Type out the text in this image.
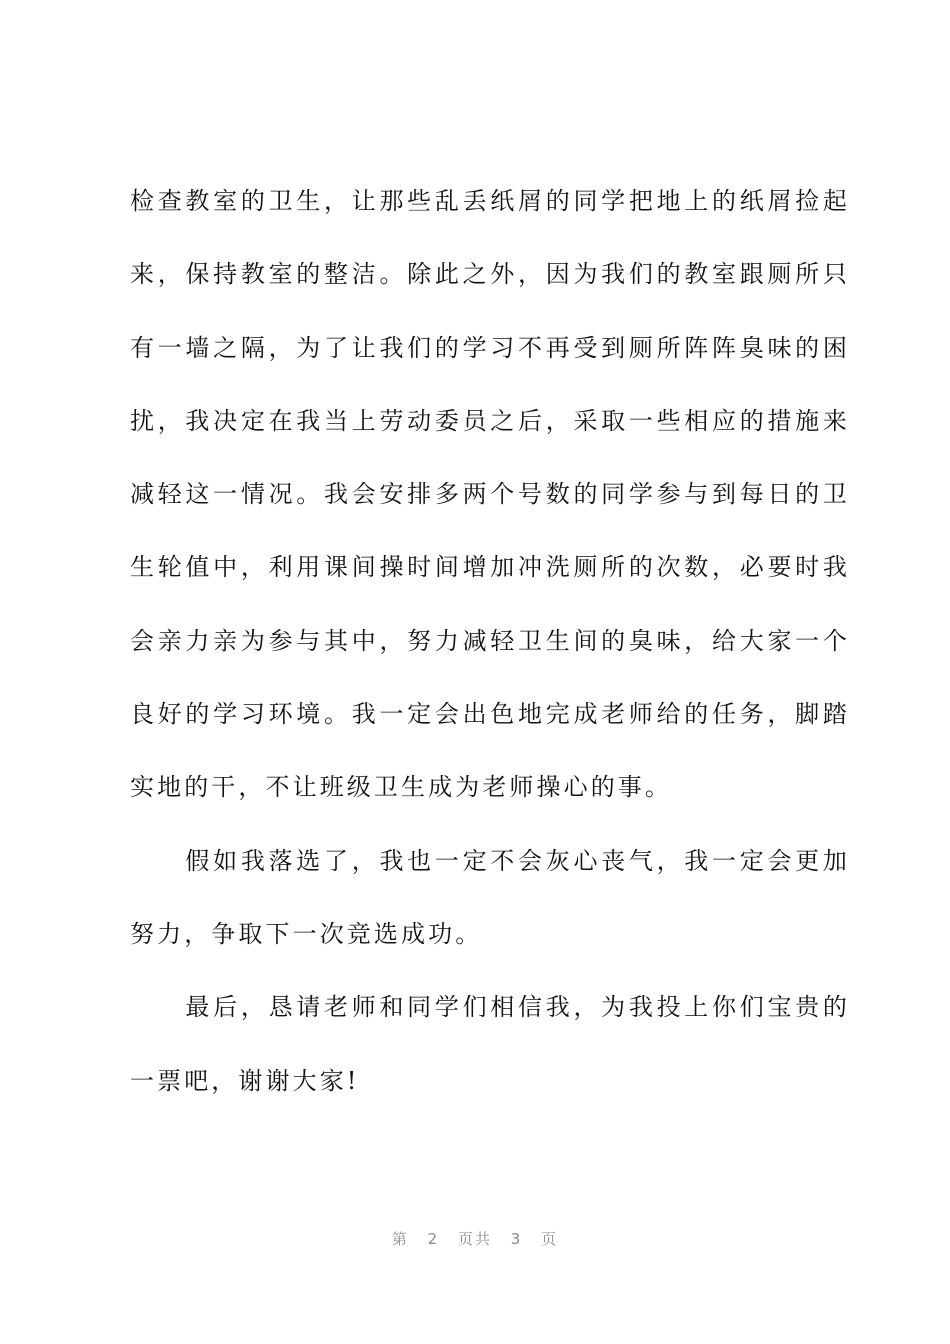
检查教室的卫生，让那些乱丢纸屑的同学把地上的纸屑捡起来，保持教室的整洁。除此之外，因为我们的教室跟厕所只有一墙之隔，为了让我们的学习不再受到厕所阵阵臭味的困扰，我决定在我当上劳动委员之后，采取一些相应的措施来减轻这一情况。我会安排多两个号数的同学参与到每日的卫生轮值中，利用课间操时间增加冲洗厕所的次数，必要时我会亲力亲为参与其中，努力减轻卫生间的臭味，给大家一个良好的学习环境。我一定会出色地完成老师给的任务，脚踏实地的干，不让班级卫生成为老师操心的事。

　　假如我落选了，我也一定不会灰心丧气，我一定会更加努力，争取下一次竞选成功。

　　最后，恳请老师和同学们相信我，为我投上你们宝贵的一票吧，谢谢大家!

第 2 页共 3 页
